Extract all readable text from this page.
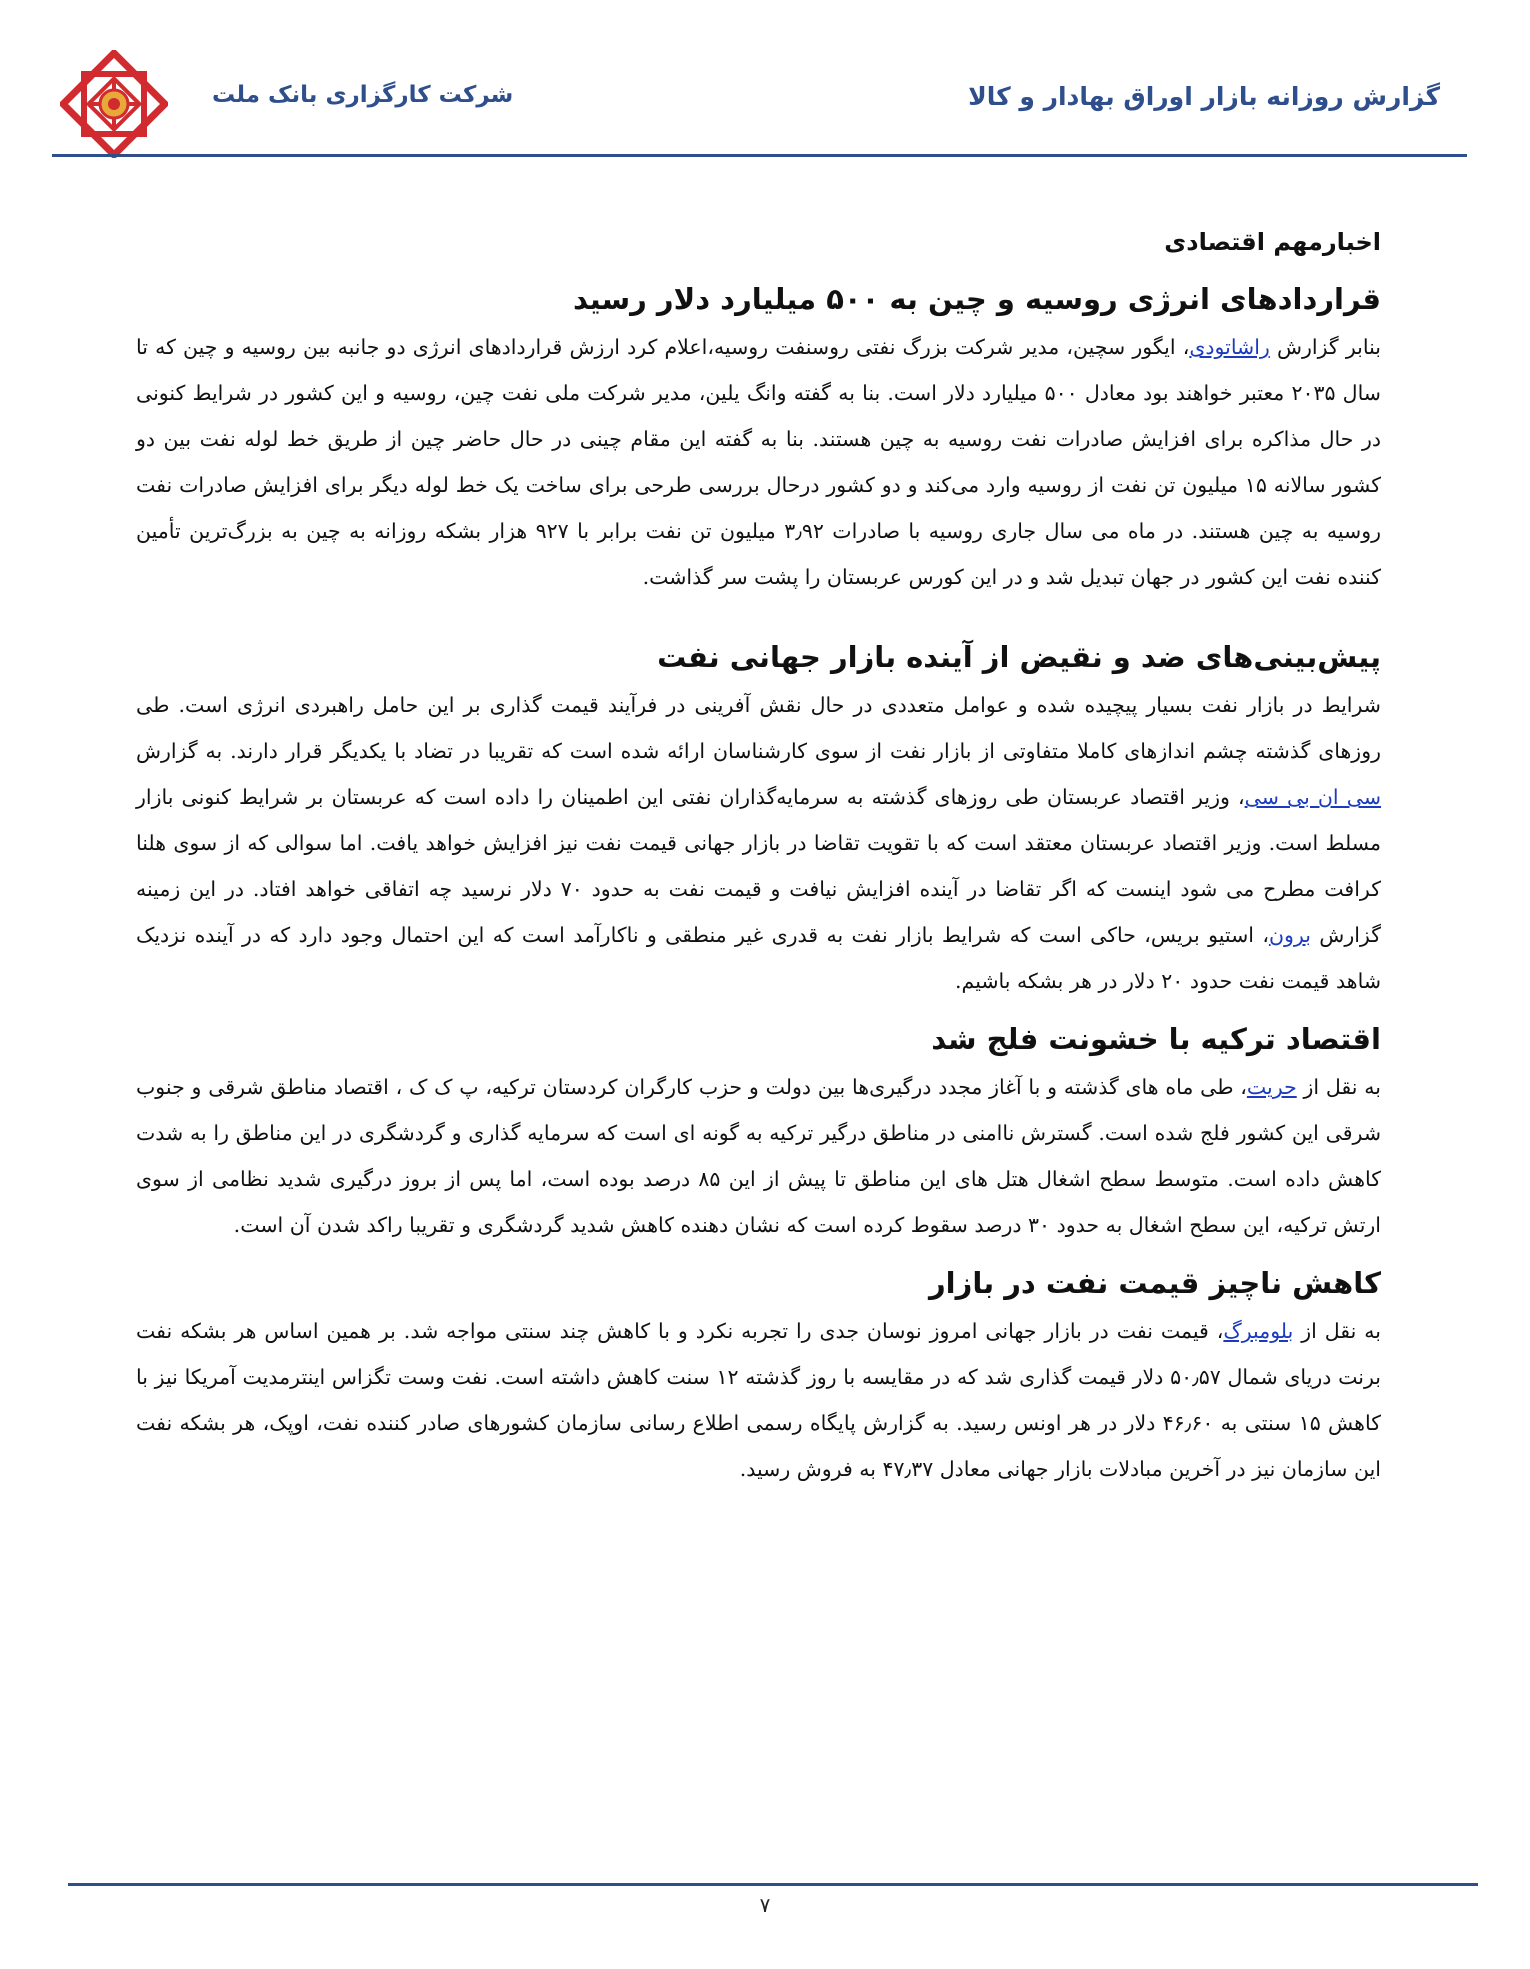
شرکت کارگزاری بانک ملت	گزارش روزانه بازار اوراق بهادار و کالا
اخبارمهم اقتصادی
قراردادهای انرژی روسیه و چین به ۵۰۰ میلیارد دلار رسید

بنابر گزارش راشاتودی، ایگور سچین، مدیر شرکت بزرگ نفتی روسنفت روسیه،اعلام کرد ارزش قراردادهای انرژی دو جانبه بین روسیه و چین که تا سال ۲۰۳۵ معتبر خواهند بود معادل ۵۰۰ میلیارد دلار است. بنا به گفته وانگ یلین، مدیر شرکت ملی نفت چین، روسیه و این کشور در شرایط کنونی در حال مذاکره برای افزایش صادرات نفت روسیه به چین هستند. بنا به گفته این مقام چینی در حال حاضر چین از طریق خط لوله نفت بین دو کشور سالانه ۱۵ میلیون تن نفت از روسیه وارد می‌کند و دو کشور درحال بررسی طرحی برای ساخت یک خط لوله دیگر برای افزایش صادرات نفت روسیه به چین هستند. در ماه می سال جاری روسیه با صادرات ۳٫۹۲ میلیون تن نفت برابر با ۹۲۷ هزار بشکه روزانه به چین به بزرگ‌ترین تأمین کننده نفت این کشور در جهان تبدیل شد و در این کورس عربستان را پشت سر گذاشت.

پیش‌بینی‌های ضد و نقیض از آینده بازار جهانی نفت

شرایط در بازار نفت بسیار پیچیده شده و عوامل متعددی در حال نقش آفرینی در فرآیند قیمت گذاری بر این حامل راهبردی انرژی است. طی روزهای گذشته چشم اندازهای کاملا متفاوتی از بازار نفت از سوی کارشناسان ارائه شده است که تقریبا در تضاد با یکدیگر قرار دارند. به گزارش سی ان بی سی، وزیر اقتصاد عربستان طی روزهای گذشته به سرمایه‌گذاران نفتی این اطمینان را داده است که عربستان بر شرایط کنونی بازار مسلط است. وزیر اقتصاد عربستان معتقد است که با تقویت تقاضا در بازار جهانی قیمت نفت نیز افزایش خواهد یافت. اما سوالی که از سوی هلنا کرافت مطرح می شود اینست که اگر تقاضا در آینده افزایش نیافت و قیمت نفت به حدود ۷۰ دلار نرسید چه اتفاقی خواهد افتاد. در این زمینه گزارش برون، استیو بریس، حاکی است که شرایط بازار نفت به قدری غیر منطقی و ناکارآمد است که این احتمال وجود دارد که در آینده نزدیک شاهد قیمت نفت حدود ۲۰ دلار در هر بشکه باشیم.

اقتصاد ترکیه با خشونت فلج شد

به نقل از حریت، طی ماه های گذشته و با آغاز مجدد درگیری‌ها بین دولت و حزب کارگران کردستان ترکیه، پ ک ک ، اقتصاد مناطق شرقی و جنوب شرقی این کشور فلج شده است. گسترش ناامنی در مناطق درگیر ترکیه به گونه ای است که سرمایه گذاری و گردشگری در این مناطق را به شدت کاهش داده است. متوسط سطح اشغال هتل های این مناطق تا پیش از این ۸۵ درصد بوده است، اما پس از بروز درگیری شدید نظامی از سوی ارتش ترکیه، این سطح اشغال به حدود ۳۰ درصد سقوط کرده است که نشان دهنده کاهش شدید گردشگری و تقریبا راکد شدن آن است.

کاهش ناچیز قیمت نفت در بازار

به نقل از بلومبرگ، قیمت نفت در بازار جهانی امروز نوسان جدی را تجربه نکرد و با کاهش چند سنتی مواجه شد. بر همین اساس هر بشکه نفت برنت دریای شمال ۵۰٫۵۷ دلار قیمت گذاری شد که در مقایسه با روز گذشته ۱۲ سنت کاهش داشته است. نفت وست تگزاس اینترمدیت آمریکا نیز با کاهش ۱۵ سنتی به ۴۶٫۶۰ دلار در هر اونس رسید. به گزارش پایگاه رسمی اطلاع رسانی سازمان کشورهای صادر کننده نفت، اوپک، هر بشکه نفت این سازمان نیز در آخرین مبادلات بازار جهانی معادل ۴۷٫۳۷ به فروش رسید.

۷
